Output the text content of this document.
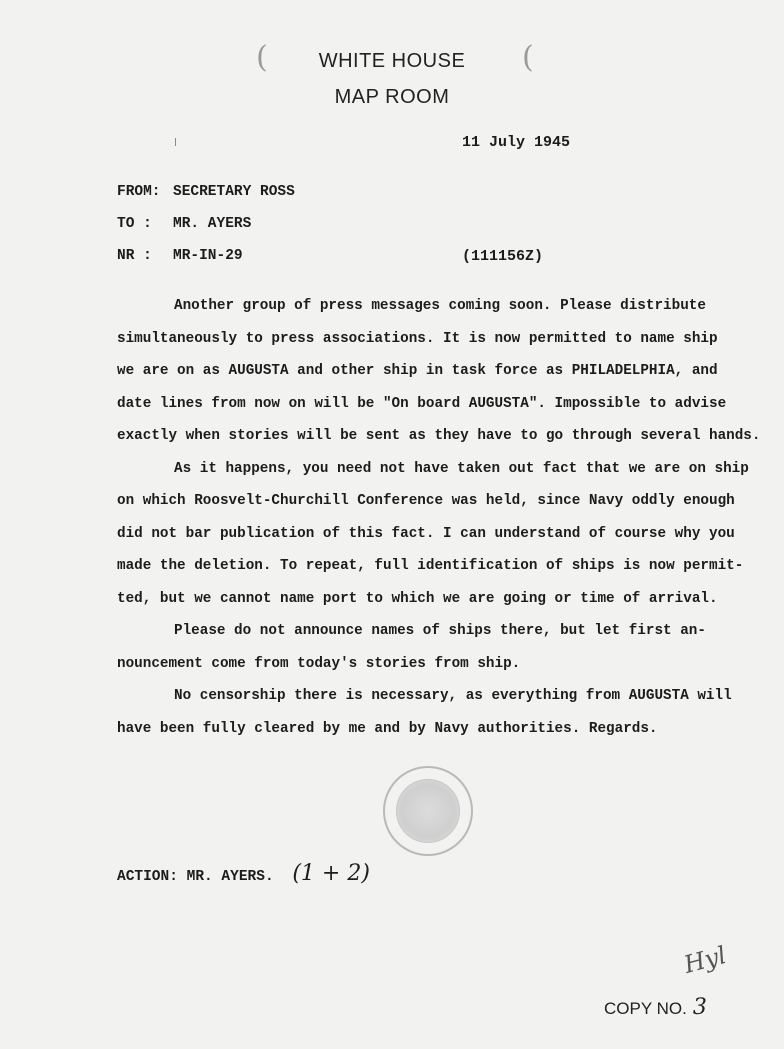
(	(
WHITE HOUSE
MAP ROOM
11 July 1945
FROM: SECRETARY ROSS
TO : MR. AYERS
NR : MR-IN-29	(111156Z)
Another group of press messages coming soon. Please distribute
simultaneously to press associations. It is now permitted to name ship
we are on as AUGUSTA and other ship in task force as PHILADELPHIA, and
date lines from now on will be "On board AUGUSTA". Impossible to advise
exactly when stories will be sent as they have to go through several hands.
As it happens, you need not have taken out fact that we are on ship
on which Roosvelt-Churchill Conference was held, since Navy oddly enough
did not bar publication of this fact. I can understand of course why you
made the deletion. To repeat, full identification of ships is now permit-
ted, but we cannot name port to which we are going or time of arrival.
Please do not announce names of ships there, but let first an-
nouncement come from today's stories from ship.
No censorship there is necessary, as everything from AUGUSTA will
have been fully cleared by me and by Navy authorities. Regards.
ACTION: MR. AYERS. (1 + 2)
Hyl
COPY NO. 3
